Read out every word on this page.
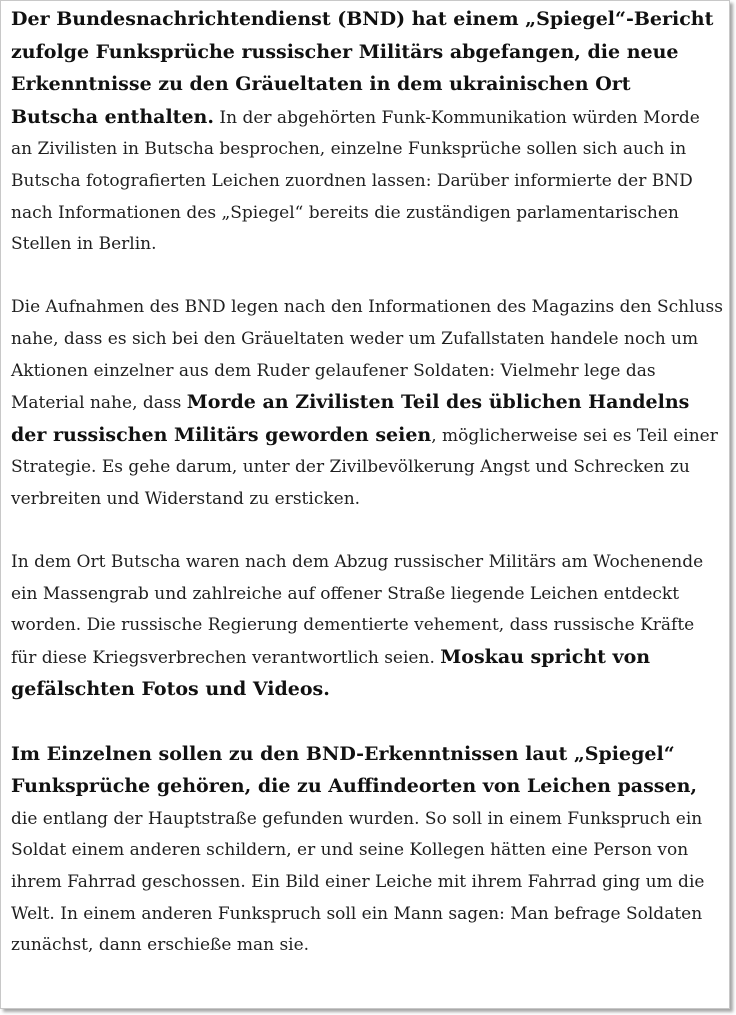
Der Bundesnachrichtendienst (BND) hat einem „Spiegel“-Bericht zufolge Funksprüche russischer Militärs abgefangen, die neue Erkenntnisse zu den Gräueltaten in dem ukrainischen Ort Butscha enthalten. In der abgehörten Funk-Kommunikation würden Morde an Zivilisten in Butscha besprochen, einzelne Funksprüche sollen sich auch in Butscha fotografierten Leichen zuordnen lassen: Darüber informierte der BND nach Informationen des „Spiegel“ bereits die zuständigen parlamentarischen Stellen in Berlin.

Die Aufnahmen des BND legen nach den Informationen des Magazins den Schluss nahe, dass es sich bei den Gräueltaten weder um Zufallstaten handele noch um Aktionen einzelner aus dem Ruder gelaufener Soldaten: Vielmehr lege das Material nahe, dass Morde an Zivilisten Teil des üblichen Handelns der russischen Militärs geworden seien, möglicherweise sei es Teil einer Strategie. Es gehe darum, unter der Zivilbevölkerung Angst und Schrecken zu verbreiten und Widerstand zu ersticken.

In dem Ort Butscha waren nach dem Abzug russischer Militärs am Wochenende ein Massengrab und zahlreiche auf offener Straße liegende Leichen entdeckt worden. Die russische Regierung dementierte vehement, dass russische Kräfte für diese Kriegsverbrechen verantwortlich seien. Moskau spricht von gefälschten Fotos und Videos.

Im Einzelnen sollen zu den BND-Erkenntnissen laut „Spiegel“ Funksprüche gehören, die zu Auffindeorten von Leichen passen, die entlang der Hauptstraße gefunden wurden. So soll in einem Funkspruch ein Soldat einem anderen schildern, er und seine Kollegen hätten eine Person von ihrem Fahrrad geschossen. Ein Bild einer Leiche mit ihrem Fahrrad ging um die Welt. In einem anderen Funkspruch soll ein Mann sagen: Man befrage Soldaten zunächst, dann erschieße man sie.
